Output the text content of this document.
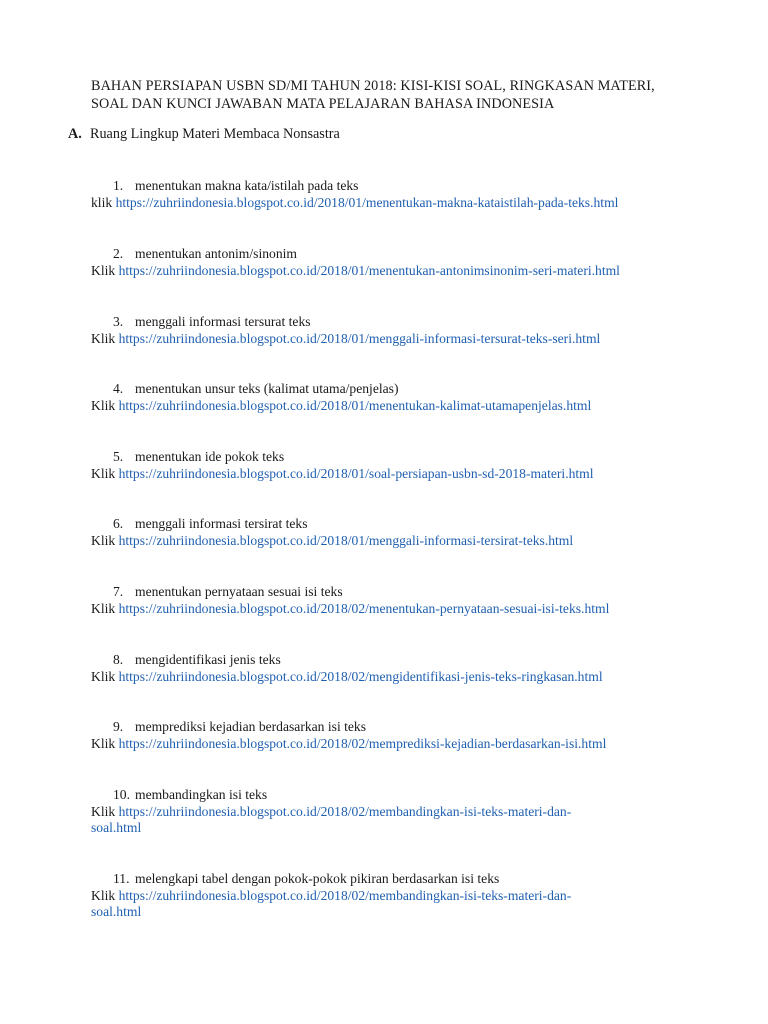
BAHAN PERSIAPAN USBN SD/MI TAHUN 2018: KISI-KISI SOAL, RINGKASAN MATERI, SOAL DAN KUNCI JAWABAN MATA PELAJARAN BAHASA INDONESIA
A. Ruang Lingkup Materi Membaca Nonsastra
1. menentukan makna kata/istilah pada teks
klik https://zuhriindonesia.blogspot.co.id/2018/01/menentukan-makna-kataistilah-pada-teks.html
2. menentukan antonim/sinonim
Klik https://zuhriindonesia.blogspot.co.id/2018/01/menentukan-antonimsinonim-seri-materi.html
3. menggali informasi tersurat teks
Klik https://zuhriindonesia.blogspot.co.id/2018/01/menggali-informasi-tersurat-teks-seri.html
4. menentukan unsur teks (kalimat utama/penjelas)
Klik https://zuhriindonesia.blogspot.co.id/2018/01/menentukan-kalimat-utamapenjelas.html
5. menentukan ide pokok teks
Klik https://zuhriindonesia.blogspot.co.id/2018/01/soal-persiapan-usbn-sd-2018-materi.html
6. menggali informasi tersirat teks
Klik https://zuhriindonesia.blogspot.co.id/2018/01/menggali-informasi-tersirat-teks.html
7. menentukan pernyataan sesuai isi teks
Klik https://zuhriindonesia.blogspot.co.id/2018/02/menentukan-pernyataan-sesuai-isi-teks.html
8. mengidentifikasi jenis teks
Klik https://zuhriindonesia.blogspot.co.id/2018/02/mengidentifikasi-jenis-teks-ringkasan.html
9. memprediksi kejadian berdasarkan isi teks
Klik https://zuhriindonesia.blogspot.co.id/2018/02/memprediksi-kejadian-berdasarkan-isi.html
10. membandingkan isi teks
Klik https://zuhriindonesia.blogspot.co.id/2018/02/membandingkan-isi-teks-materi-dan-
soal.html
11. melengkapi tabel dengan pokok-pokok pikiran berdasarkan isi teks
Klik https://zuhriindonesia.blogspot.co.id/2018/02/membandingkan-isi-teks-materi-dan-
soal.html
